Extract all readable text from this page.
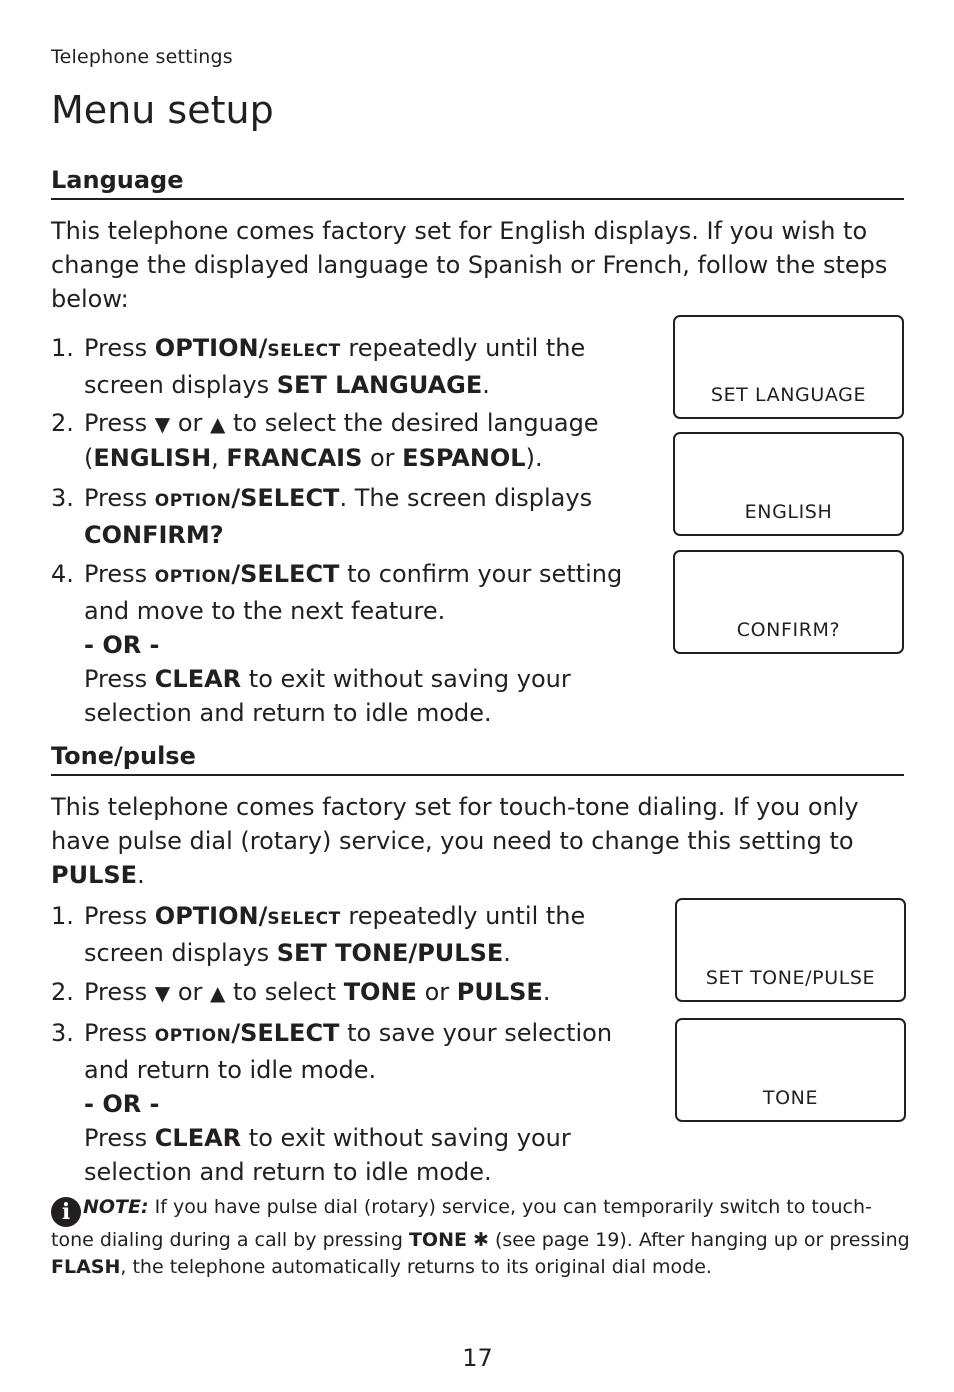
Telephone settings
Menu setup
Language

This telephone comes factory set for English displays. If you wish to change the displayed language to Spanish or French, follow the steps below:

1. Press OPTION/SELECT repeatedly until the screen displays SET LANGUAGE.
2. Press ▼ or ▲ to select the desired language (ENGLISH, FRANCAIS or ESPANOL).
3. Press OPTION/SELECT. The screen displays CONFIRM?
4. Press OPTION/SELECT to confirm your setting and move to the next feature.
- OR -
Press CLEAR to exit without saving your selection and return to idle mode.
SET LANGUAGE
ENGLISH
CONFIRM?
Tone/pulse

This telephone comes factory set for touch-tone dialing. If you only have pulse dial (rotary) service, you need to change this setting to PULSE.

1. Press OPTION/SELECT repeatedly until the screen displays SET TONE/PULSE.
2. Press ▼ or ▲ to select TONE or PULSE.
3. Press OPTION/SELECT to save your selection and return to idle mode.
- OR -
Press CLEAR to exit without saving your selection and return to idle mode.
SET TONE/PULSE
TONE
i NOTE: If you have pulse dial (rotary) service, you can temporarily switch to touch-tone dialing during a call by pressing TONE ✱ (see page 19). After hanging up or pressing FLASH, the telephone automatically returns to its original dial mode.
17
